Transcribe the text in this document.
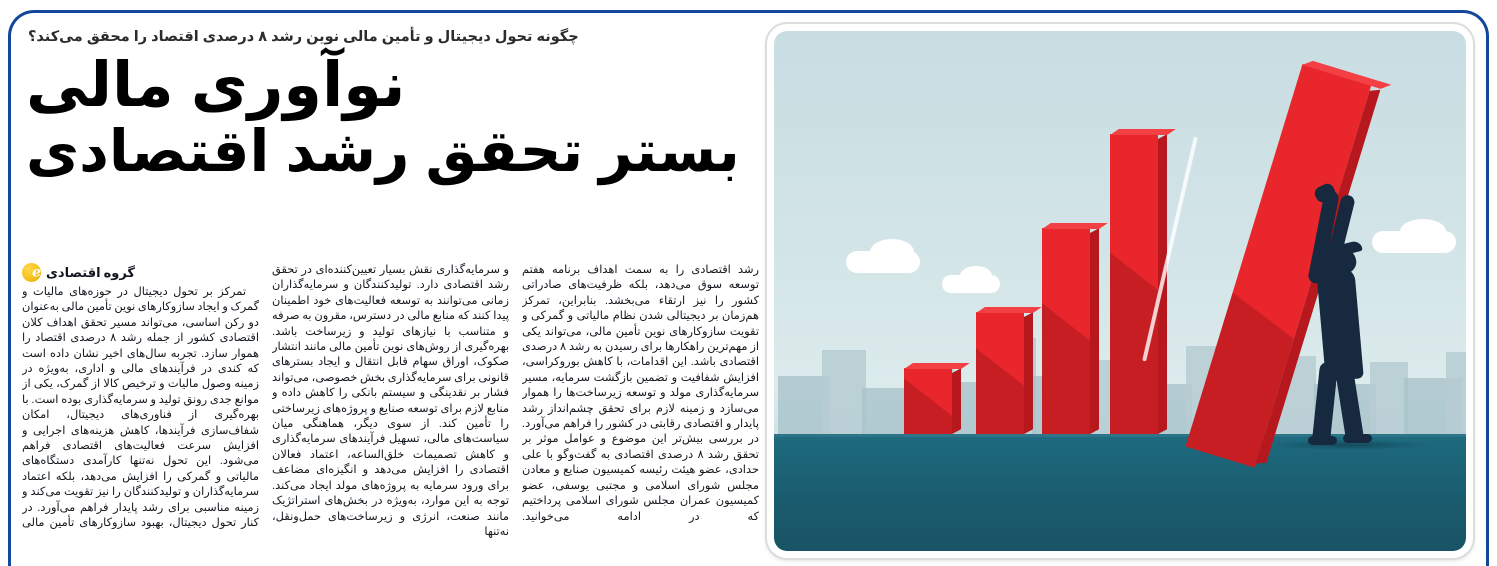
چگونه تحول دیجیتال و تأمین مالی نوین رشد ۸ درصدی اقتصاد را محقق می‌کند؟
نوآوری مالی
بستر تحقق رشد اقتصادی
e
گروه اقتصادی

تمرکز بر تحول دیجیتال در حوزه‌های مالیات و گمرک و ایجاد سازوکارهای نوین تأمین مالی به‌عنوان دو رکن اساسی، می‌تواند مسیر تحقق اهداف کلان اقتصادی کشور از جمله رشد ۸ درصدی اقتصاد را هموار سازد. تجربه سال‌های اخیر نشان داده است که کندی در فرآیندهای مالی و اداری، به‌ویژه در زمینه وصول مالیات و ترخیص کالا از گمرک، یکی از موانع جدی رونق تولید و سرمایه‌گذاری بوده است. با بهره‌گیری از فناوری‌های دیجیتال، امکان شفاف‌سازی فرآیندها، کاهش هزینه‌های اجرایی و افزایش سرعت فعالیت‌های اقتصادی فراهم می‌شود. این تحول نه‌تنها کارآمدی دستگاه‌های مالیاتی و گمرکی را افزایش می‌دهد، بلکه اعتماد سرمایه‌گذاران و تولیدکنندگان را نیز تقویت می‌کند و زمینه مناسبی برای رشد پایدار فراهم می‌آورد. در کنار تحول دیجیتال، بهبود سازوکارهای تأمین مالی

و سرمایه‌گذاری نقش بسیار تعیین‌کننده‌ای در تحقق رشد اقتصادی دارد. تولیدکنندگان و سرمایه‌گذاران زمانی می‌توانند به توسعه فعالیت‌های خود اطمینان پیدا کنند که منابع مالی در دسترس، مقرون به صرفه و متناسب با نیازهای تولید و زیرساخت باشد. بهره‌گیری از روش‌های نوین تأمین مالی مانند انتشار صکوک، اوراق سهام قابل انتقال و ایجاد بسترهای قانونی برای سرمایه‌گذاری بخش خصوصی، می‌تواند فشار بر نقدینگی و سیستم بانکی را کاهش داده و منابع لازم برای توسعه صنایع و پروژه‌های زیرساختی را تأمین کند. از سوی دیگر، هماهنگی میان سیاست‌های مالی، تسهیل فرآیندهای سرمایه‌گذاری و کاهش تصمیمات خلق‌الساعه، اعتماد فعالان اقتصادی را افزایش می‌دهد و انگیزه‌ای مضاعف برای ورود سرمایه به پروژه‌های مولد ایجاد می‌کند. توجه به این موارد، به‌ویژه در بخش‌های استراتژیک مانند صنعت، انرژی و زیرساخت‌های حمل‌ونقل، نه‌تنها

رشد اقتصادی را به سمت اهداف برنامه هفتم توسعه سوق می‌دهد، بلکه ظرفیت‌های صادراتی کشور را نیز ارتقاء می‌بخشد. بنابراین، تمرکز هم‌زمان بر دیجیتالی شدن نظام مالیاتی و گمرکی و تقویت سازوکارهای نوین تأمین مالی، می‌تواند یکی از مهم‌ترین راهکارها برای رسیدن به رشد ۸ درصدی اقتصادی باشد. این اقدامات، با کاهش بوروکراسی، افزایش شفافیت و تضمین بازگشت سرمایه، مسیر سرمایه‌گذاری مولد و توسعه زیرساخت‌ها را هموار می‌سازد و زمینه لازم برای تحقق چشم‌انداز رشد پایدار و اقتصادی رقابتی در کشور را فراهم می‌آورد. در بررسی بیش‌تر این موضوع و عوامل موثر بر تحقق رشد ۸ درصدی اقتصادی به گفت‌وگو با علی حدادی، عضو هیئت رئیسه کمیسیون صنایع و معادن مجلس شورای اسلامی و مجتبی یوسفی، عضو کمیسیون عمران مجلس شورای اسلامی پرداختیم که در ادامه می‌خوانید.
